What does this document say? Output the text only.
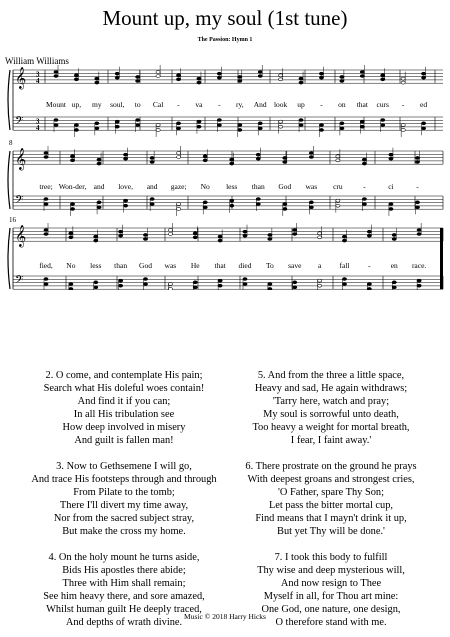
Mount up, my soul (1st tune)
The Passion: Hymn 1
William Williams
𝄞
𝄢
3
4
3
4
Mount up, my soul, to Cal - va - ry, And look up - on that curs - ed
𝄞
𝄢
8
tree; Won-der, and love, and gaze; No less than God was cru	-	ci	-
𝄞
𝄢
16
fied, No less than God was He that died To save a fall -	en race.
2. O come, and contemplate His pain;
Search what His doleful woes contain!
And find it if you can;
In all His tribulation see
How deep involved in misery
And guilt is fallen man!
3. Now to Gethsemene I will go,
And trace His footsteps through and through
From Pilate to the tomb;
There I'll divert my time away,
Nor from the sacred subject stray,
But make the cross my home.
4. On the holy mount he turns aside,
Bids His apostles there abide;
Three with Him shall remain;
See him heavy there, and sore amazed,
Whilst human guilt He deeply traced,
And depths of wrath divine.
5. And from the three a little space,
Heavy and sad, He again withdraws;
'Tarry here, watch and pray;
My soul is sorrowful unto death,
Too heavy a weight for mortal breath,
I fear, I faint away.'
6. There prostrate on the ground he prays
With deepest groans and strongest cries,
'O Father, spare Thy Son;
Let pass the bitter mortal cup,
Find means that I mayn't drink it up,
But yet Thy will be done.'
7. I took this body to fulfill
Thy wise and deep mysterious will,
And now resign to Thee
Myself in all, for Thou art mine:
One God, one nature, one design,
O therefore stand with me.
Music © 2018 Harry Hicks
